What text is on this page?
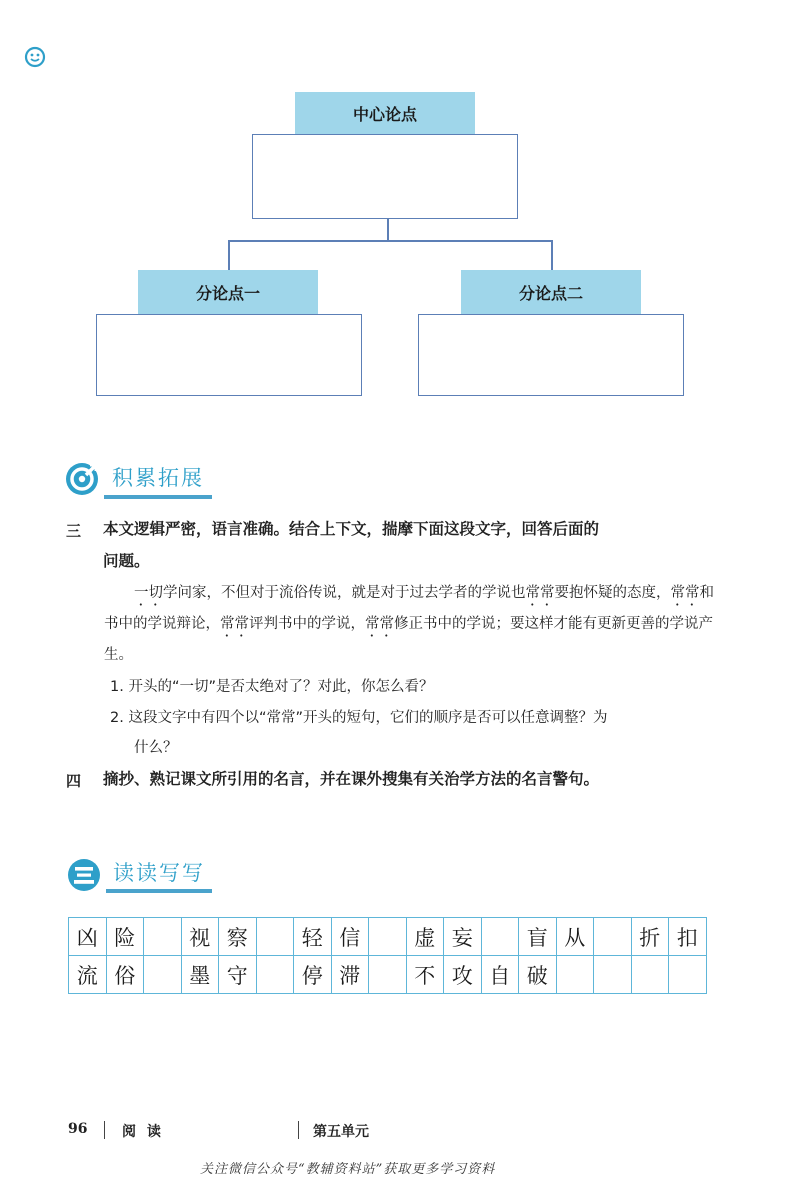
中心论点
分论点一	分论点二
积累拓展
三 本文逻辑严密，语言准确。结合上下文，揣摩下面这段文字，回答后面的
问题。
一切学问家，不但对于流俗传说，就是对于过去学者的学说也常常要抱怀疑的态度，常常和书中的学说辩论，常常评判书中的学说，常常修正书中的学说；要这样才能有更新更善的学说产生。
1. 开头的“一切”是否太绝对了？对此，你怎么看？
2. 这段文字中有四个以“常常”开头的短句，它们的顺序是否可以任意调整？为
什么？
四 摘抄、熟记课文所引用的名言，并在课外搜集有关治学方法的名言警句。
读读写写
凶	险		视	察		轻	信		虚	妄		盲	从		折	扣
流	俗		墨	守		停	滞		不	攻	自	破				
96 阅 读	第五单元
关注微信公众号“教辅资料站”获取更多学习资料
